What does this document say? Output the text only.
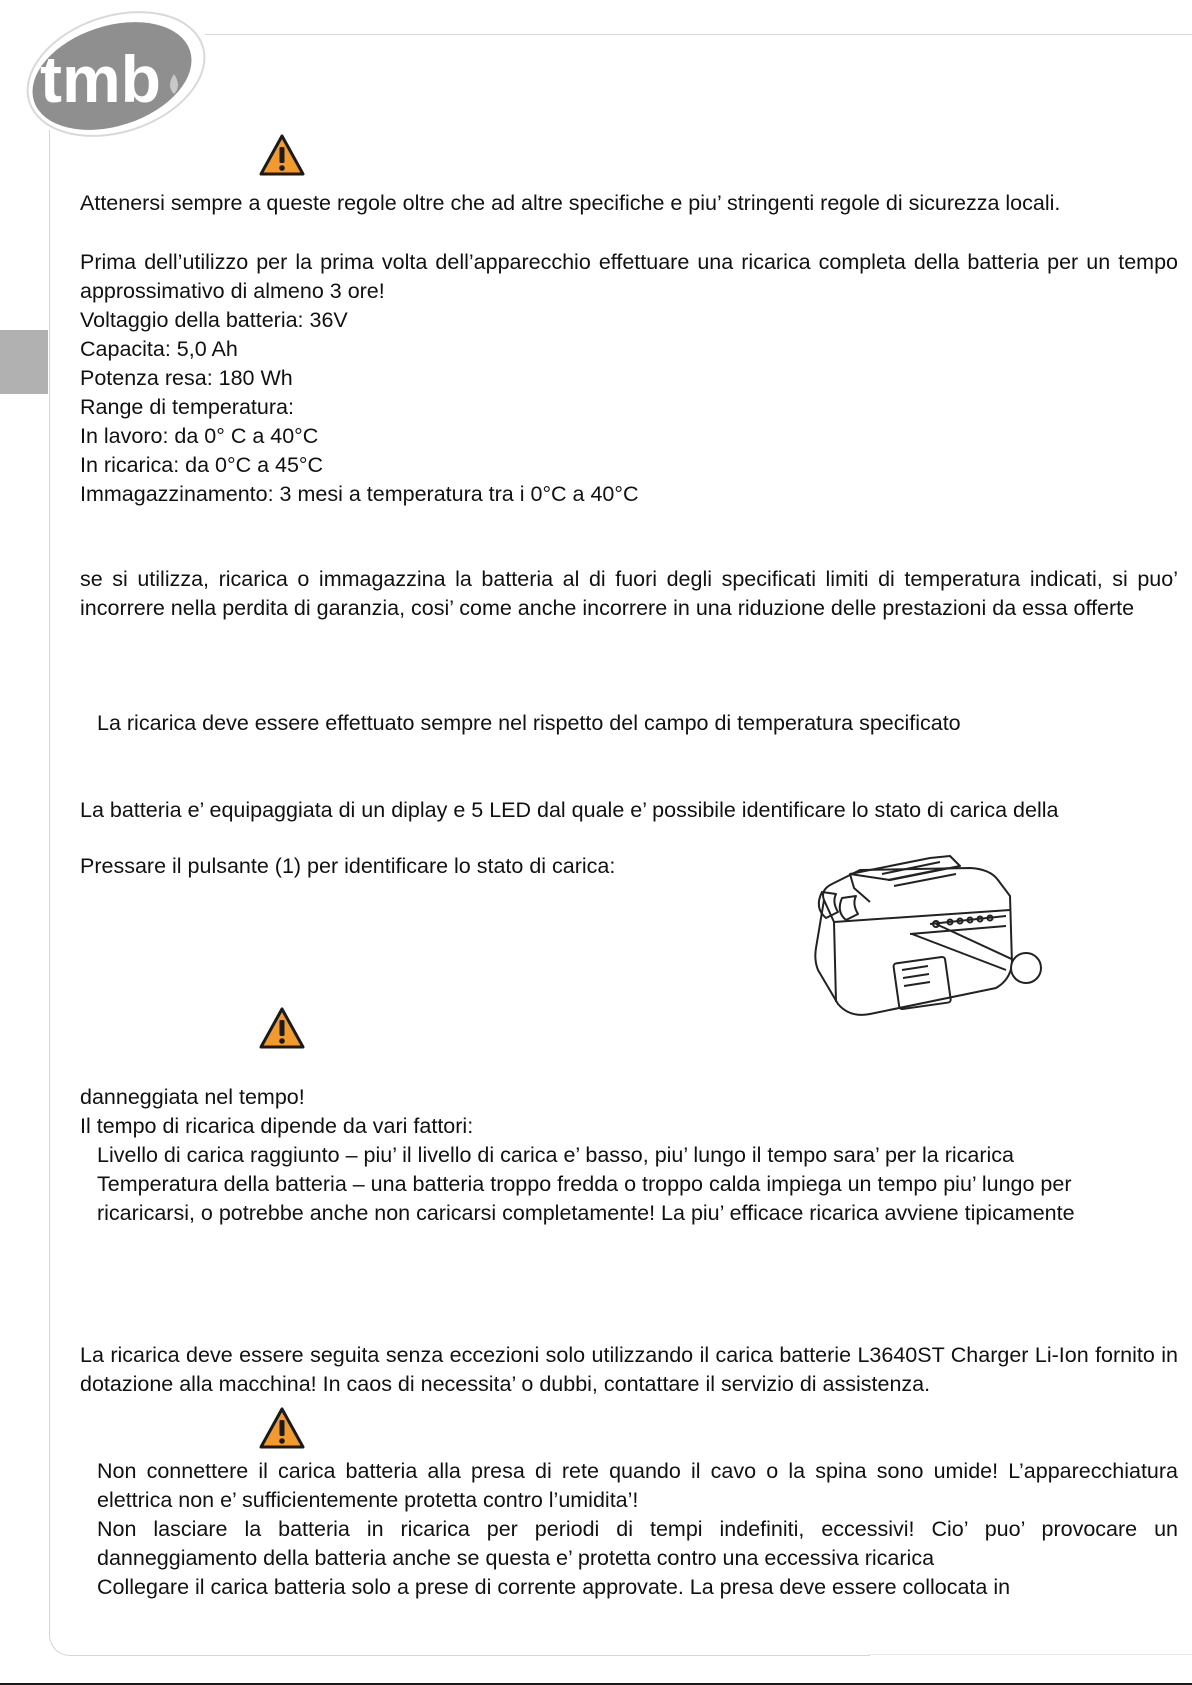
tmb

Attenersi sempre a queste regole oltre che ad altre specifiche e piu’ stringenti regole di sicurezza locali.

Prima dell’utilizzo per la prima volta dell’apparecchio effettuare una ricarica completa della batteria per un tempo approssimativo di almeno 3 ore!

Voltaggio della batteria: 36V

Capacita: 5,0 Ah

Potenza resa: 180 Wh

Range di temperatura:

In lavoro: da 0° C a 40°C

In ricarica: da 0°C a 45°C

Immagazzinamento: 3 mesi a temperatura tra i 0°C a 40°C

se si utilizza, ricarica o immagazzina la batteria al di fuori degli specificati limiti di temperatura indicati, si puo’ incorrere nella perdita di garanzia, cosi’ come anche incorrere in una riduzione delle prestazioni da essa offerte

La ricarica deve essere effettuato sempre nel rispetto del campo di temperatura specificato

La batteria e’ equipaggiata di un diplay e 5 LED dal quale e’ possibile identificare lo stato di carica della

Pressare il pulsante (1) per identificare lo stato di carica:

danneggiata nel tempo!

Il tempo di ricarica dipende da vari fattori:

Livello di carica raggiunto – piu’ il livello di carica e’ basso, piu’ lungo il tempo sara’ per la ricarica

Temperatura della batteria – una batteria troppo fredda o troppo calda impiega un tempo piu’ lungo per

ricaricarsi, o potrebbe anche non caricarsi completamente! La piu’ efficace ricarica avviene tipicamente

La ricarica deve essere seguita senza eccezioni solo utilizzando il carica batterie L3640ST Charger Li-Ion fornito in dotazione alla macchina! In caos di necessita’ o dubbi, contattare il servizio di assistenza.

Non connettere il carica batteria alla presa di rete quando il cavo o la spina sono umide! L’apparecchiatura elettrica non e’ sufficientemente protetta contro l’umidita’!

Non lasciare la batteria in ricarica per periodi di tempi indefiniti, eccessivi! Cio’ puo’ provocare un danneggiamento della batteria anche se questa e’ protetta contro una eccessiva ricarica

Collegare il carica batteria solo a prese di corrente approvate. La presa deve essere collocata in
